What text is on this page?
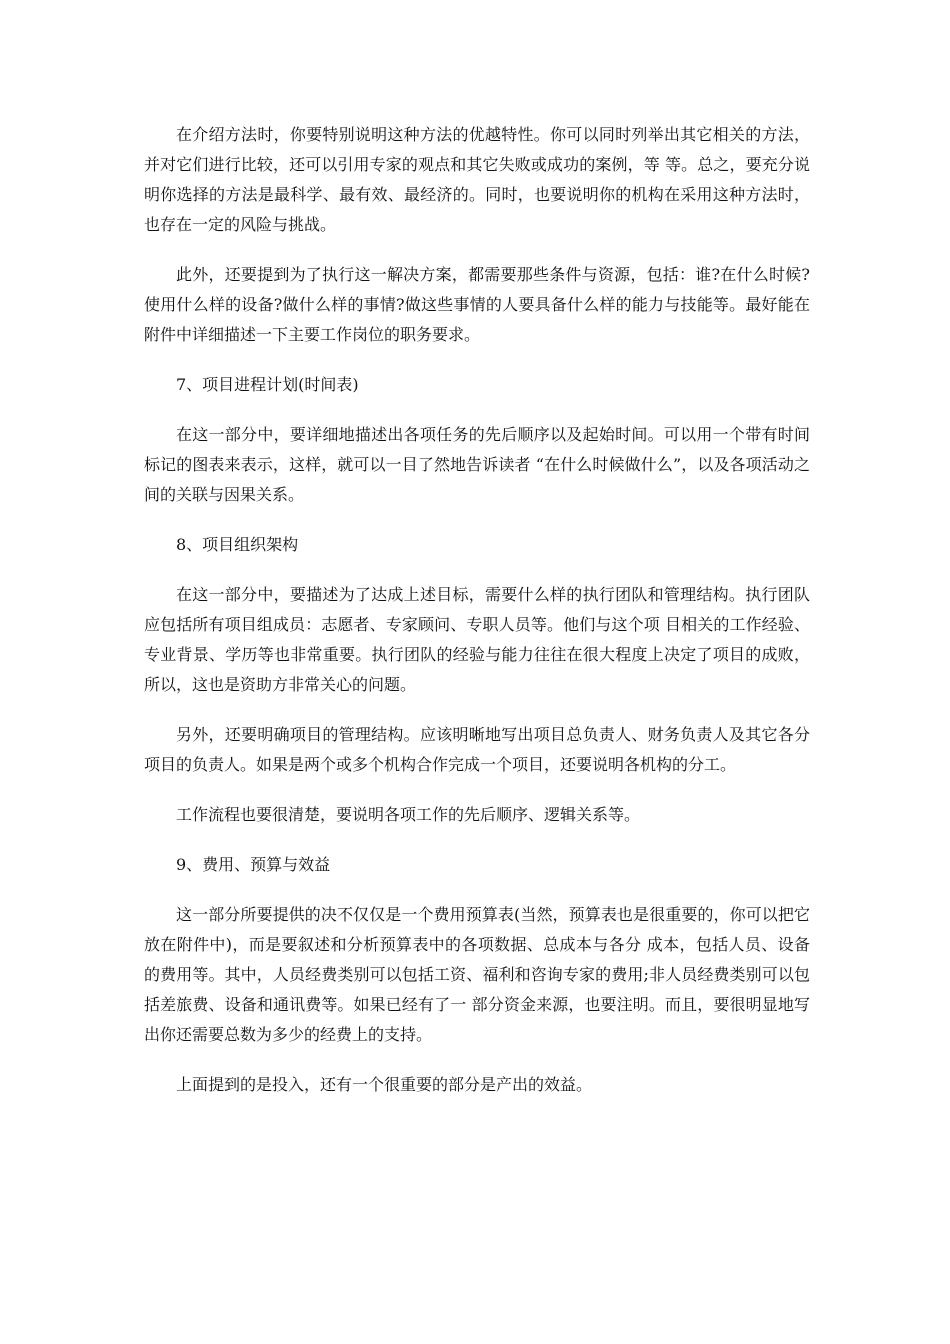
在介绍方法时，你要特别说明这种方法的优越特性。你可以同时列举出其它相关的方法，并对它们进行比较，还可以引用专家的观点和其它失败或成功的案例，等 等。总之，要充分说明你选择的方法是最科学、最有效、最经济的。同时，也要说明你的机构在采用这种方法时，也存在一定的风险与挑战。

此外，还要提到为了执行这一解决方案，都需要那些条件与资源，包括：谁?在什么时候?使用什么样的设备?做什么样的事情?做这些事情的人要具备什么样的能力与技能等。最好能在附件中详细描述一下主要工作岗位的职务要求。

7、项目进程计划(时间表)

在这一部分中，要详细地描述出各项任务的先后顺序以及起始时间。可以用一个带有时间标记的图表来表示，这样，就可以一目了然地告诉读者 “在什么时候做什么”，以及各项活动之间的关联与因果关系。

8、项目组织架构

在这一部分中，要描述为了达成上述目标，需要什么样的执行团队和管理结构。执行团队应包括所有项目组成员：志愿者、专家顾问、专职人员等。他们与这个项 目相关的工作经验、专业背景、学历等也非常重要。执行团队的经验与能力往往在很大程度上决定了项目的成败，所以，这也是资助方非常关心的问题。

另外，还要明确项目的管理结构。应该明晰地写出项目总负责人、财务负责人及其它各分项目的负责人。如果是两个或多个机构合作完成一个项目，还要说明各机构的分工。

工作流程也要很清楚，要说明各项工作的先后顺序、逻辑关系等。

9、费用、预算与效益

这一部分所要提供的决不仅仅是一个费用预算表(当然，预算表也是很重要的，你可以把它放在附件中)，而是要叙述和分析预算表中的各项数据、总成本与各分 成本，包括人员、设备的费用等。其中，人员经费类别可以包括工资、福利和咨询专家的费用;非人员经费类别可以包括差旅费、设备和通讯费等。如果已经有了一 部分资金来源，也要注明。而且，要很明显地写出你还需要总数为多少的经费上的支持。

上面提到的是投入，还有一个很重要的部分是产出的效益。
